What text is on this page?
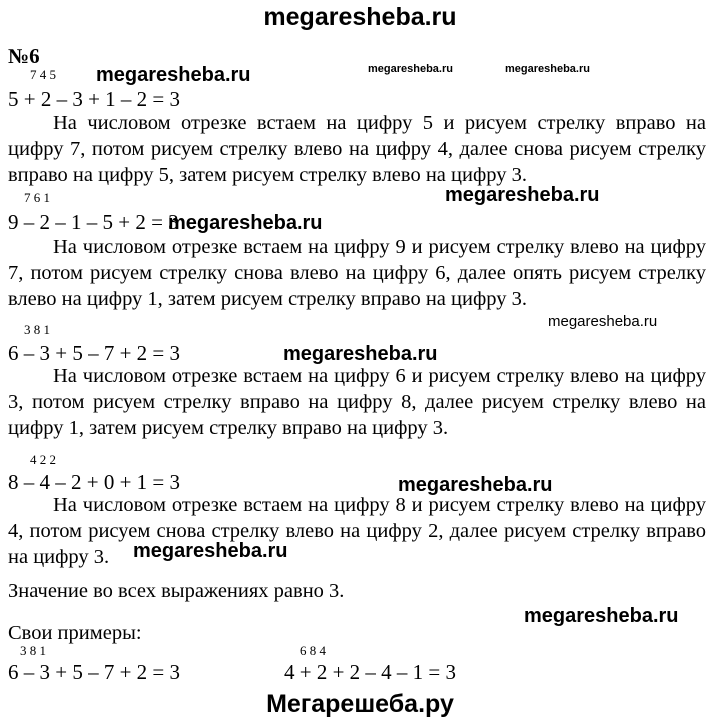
megaresheba.ru
№6
7 4 5
5 + 2 – 3 + 1 – 2 = 3
На числовом отрезке встаем на цифру 5 и рисуем стрелку вправо на цифру 7, потом рисуем стрелку влево на цифру 4, далее снова рисуем стрелку вправо на цифру 5, затем рисуем стрелку влево на цифру 3.
7 6 1
9 – 2 – 1 – 5 + 2 = 3
На числовом отрезке встаем на цифру 9 и рисуем стрелку влево на цифру 7, потом рисуем стрелку снова влево на цифру 6, далее опять рисуем стрелку влево на цифру 1, затем рисуем стрелку вправо на цифру 3.
3 8 1
6 – 3 + 5 – 7 + 2 = 3
На числовом отрезке встаем на цифру 6 и рисуем стрелку влево на цифру 3, потом рисуем стрелку вправо на цифру 8, далее рисуем стрелку влево на цифру 1, затем рисуем стрелку вправо на цифру 3.
4 2 2
8 – 4 – 2 + 0 + 1 = 3
На числовом отрезке встаем на цифру 8 и рисуем стрелку влево на цифру 4, потом рисуем снова стрелку влево на цифру 2, далее рисуем стрелку вправо на цифру 3.
Значение во всех выражениях равно 3.
Свои примеры:
3 8 1
6 – 3 + 5 – 7 + 2 = 3
6 8 4
4 + 2 + 2 – 4 – 1 = 3
megaresheba.ru	megaresheba.ru	megaresheba.ru
megaresheba.ru
megaresheba.ru
megaresheba.ru
megaresheba.ru
megaresheba.ru
megaresheba.ru
megaresheba.ru
Мегарешеба.ру
